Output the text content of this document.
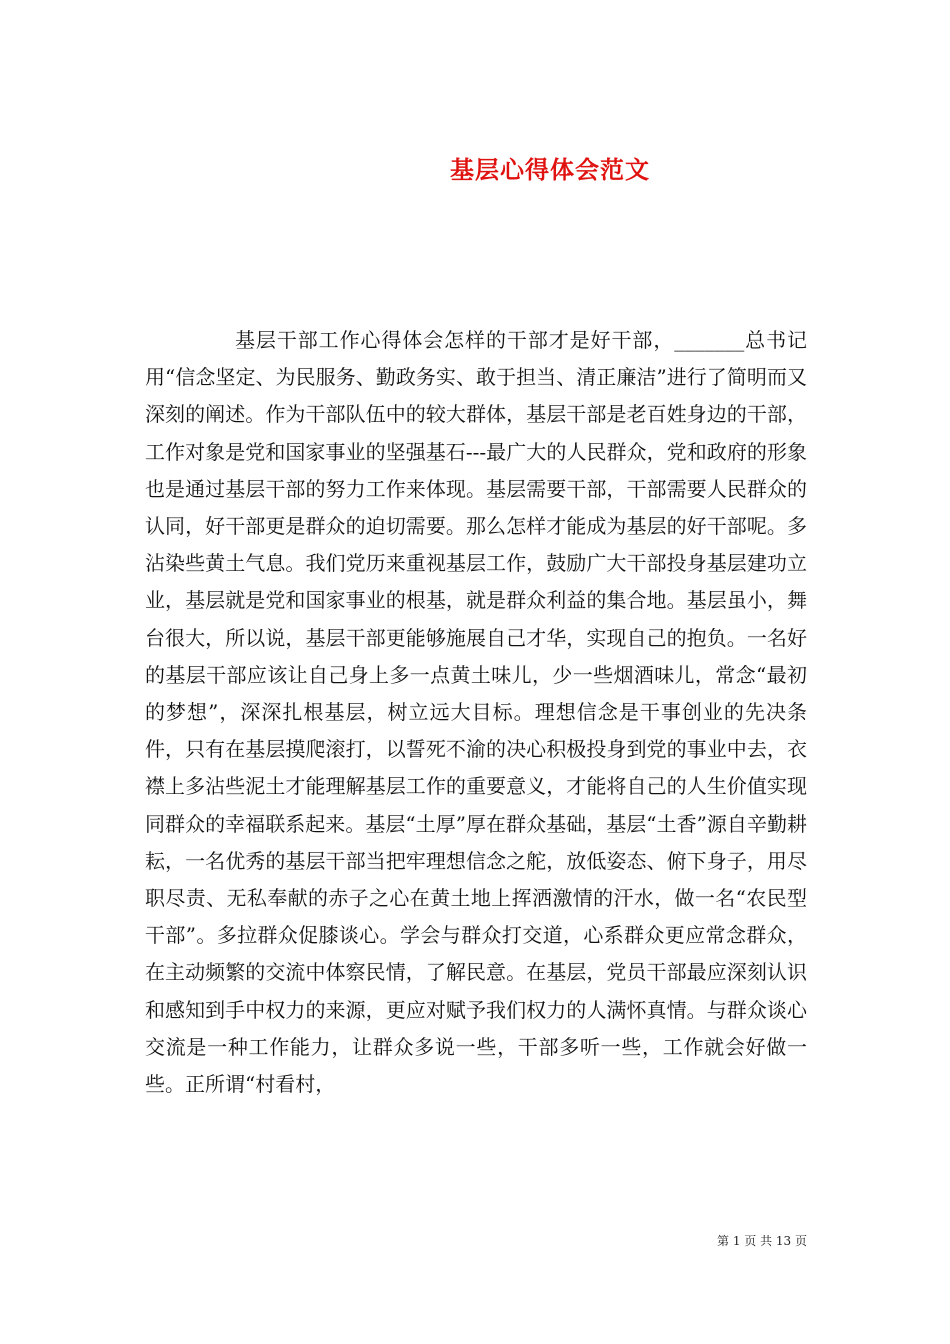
基层心得体会范文

基层干部工作心得体会怎样的干部才是好干部，_______总书记用“信念坚定、为民服务、勤政务实、敢于担当、清正廉洁”进行了简明而又深刻的阐述。作为干部队伍中的较大群体，基层干部是老百姓身边的干部，工作对象是党和国家事业的坚强基石---最广大的人民群众，党和政府的形象也是通过基层干部的努力工作来体现。基层需要干部，干部需要人民群众的认同，好干部更是群众的迫切需要。那么怎样才能成为基层的好干部呢。多沾染些黄土气息。我们党历来重视基层工作，鼓励广大干部投身基层建功立业，基层就是党和国家事业的根基，就是群众利益的集合地。基层虽小，舞台很大，所以说，基层干部更能够施展自己才华，实现自己的抱负。一名好的基层干部应该让自己身上多一点黄土味儿，少一些烟酒味儿，常念“最初的梦想”，深深扎根基层，树立远大目标。理想信念是干事创业的先决条件，只有在基层摸爬滚打，以誓死不渝的决心积极投身到党的事业中去，衣襟上多沾些泥土才能理解基层工作的重要意义，才能将自己的人生价值实现同群众的幸福联系起来。基层“土厚”厚在群众基础，基层“土香”源自辛勤耕耘，一名优秀的基层干部当把牢理想信念之舵，放低姿态、俯下身子，用尽职尽责、无私奉献的赤子之心在黄土地上挥洒激情的汗水，做一名“农民型干部”。多拉群众促膝谈心。学会与群众打交道，心系群众更应常念群众，在主动频繁的交流中体察民情，了解民意。在基层，党员干部最应深刻认识和感知到手中权力的来源，更应对赋予我们权力的人满怀真情。与群众谈心交流是一种工作能力，让群众多说一些，干部多听一些，工作就会好做一些。正所谓“村看村，

第 1 页 共 13 页
